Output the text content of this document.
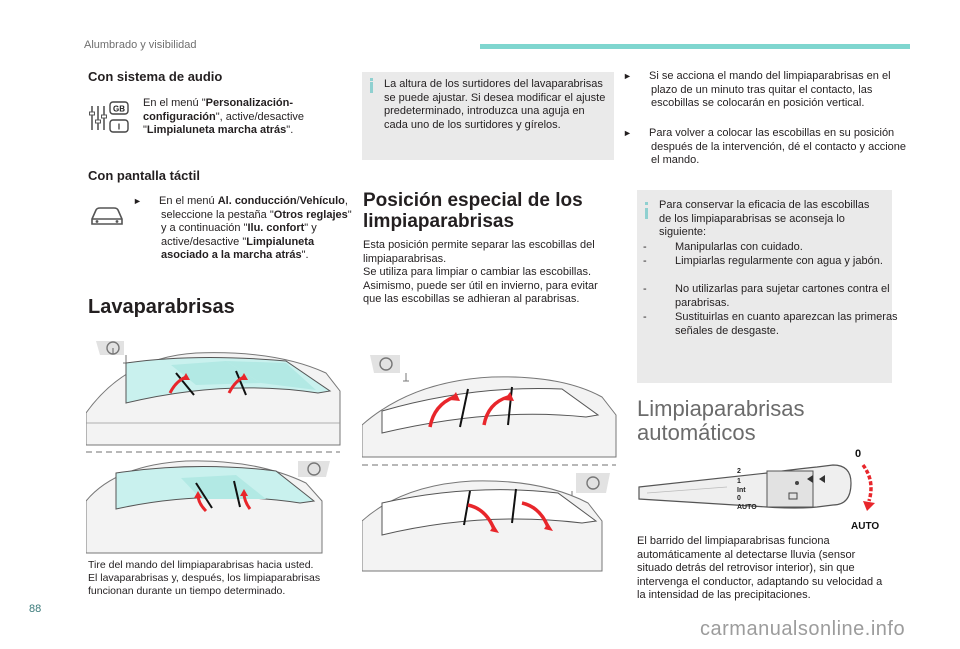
Alumbrado y visibilidad
Con sistema de audio
GB
I

En el menú "Personalización-configuración", active/desactive "Limpialuneta marcha atrás".

Con pantalla táctil

► En el menú Al. conducción/Vehículo, seleccione la pestaña "Otros reglajes" y a continuación "Ilu. confort" y active/desactive "Limpialuneta asociado a la marcha atrás".

Lavaparabrisas

Tire del mando del limpiaparabrisas hacia usted.
El lavaparabrisas y, después, los limpiaparabrisas funcionan durante un tiempo determinado.

La altura de los surtidores del lavaparabrisas se puede ajustar. Si desea modificar el ajuste predeterminado, introduzca una aguja en cada uno de los surtidores y gírelos.

Posición especial de los limpiaparabrisas

Esta posición permite separar las escobillas del limpiaparabrisas.
Se utiliza para limpiar o cambiar las escobillas. Asimismo, puede ser útil en invierno, para evitar que las escobillas se adhieran al parabrisas.

► Si se acciona el mando del limpiaparabrisas en el plazo de un minuto tras quitar el contacto, las escobillas se colocarán en posición vertical.

► Para volver a colocar las escobillas en su posición después de la intervención, dé el contacto y accione el mando.

Para conservar la eficacia de las escobillas de los limpiaparabrisas se aconseja lo siguiente:

-	Manipularlas con cuidado.

-	Limpiarlas regularmente con agua y jabón.

-	No utilizarlas para sujetar cartones contra el parabrisas.

-	Sustituirlas en cuanto aparezcan las primeras señales de desgaste.

Limpiaparabrisas automáticos
2 1 Int 0 AUTO
0
AUTO

El barrido del limpiaparabrisas funciona automáticamente al detectarse lluvia (sensor situado detrás del retrovisor interior), sin que intervenga el conductor, adaptando su velocidad a la intensidad de las precipitaciones.

88
carmanualsonline.info
